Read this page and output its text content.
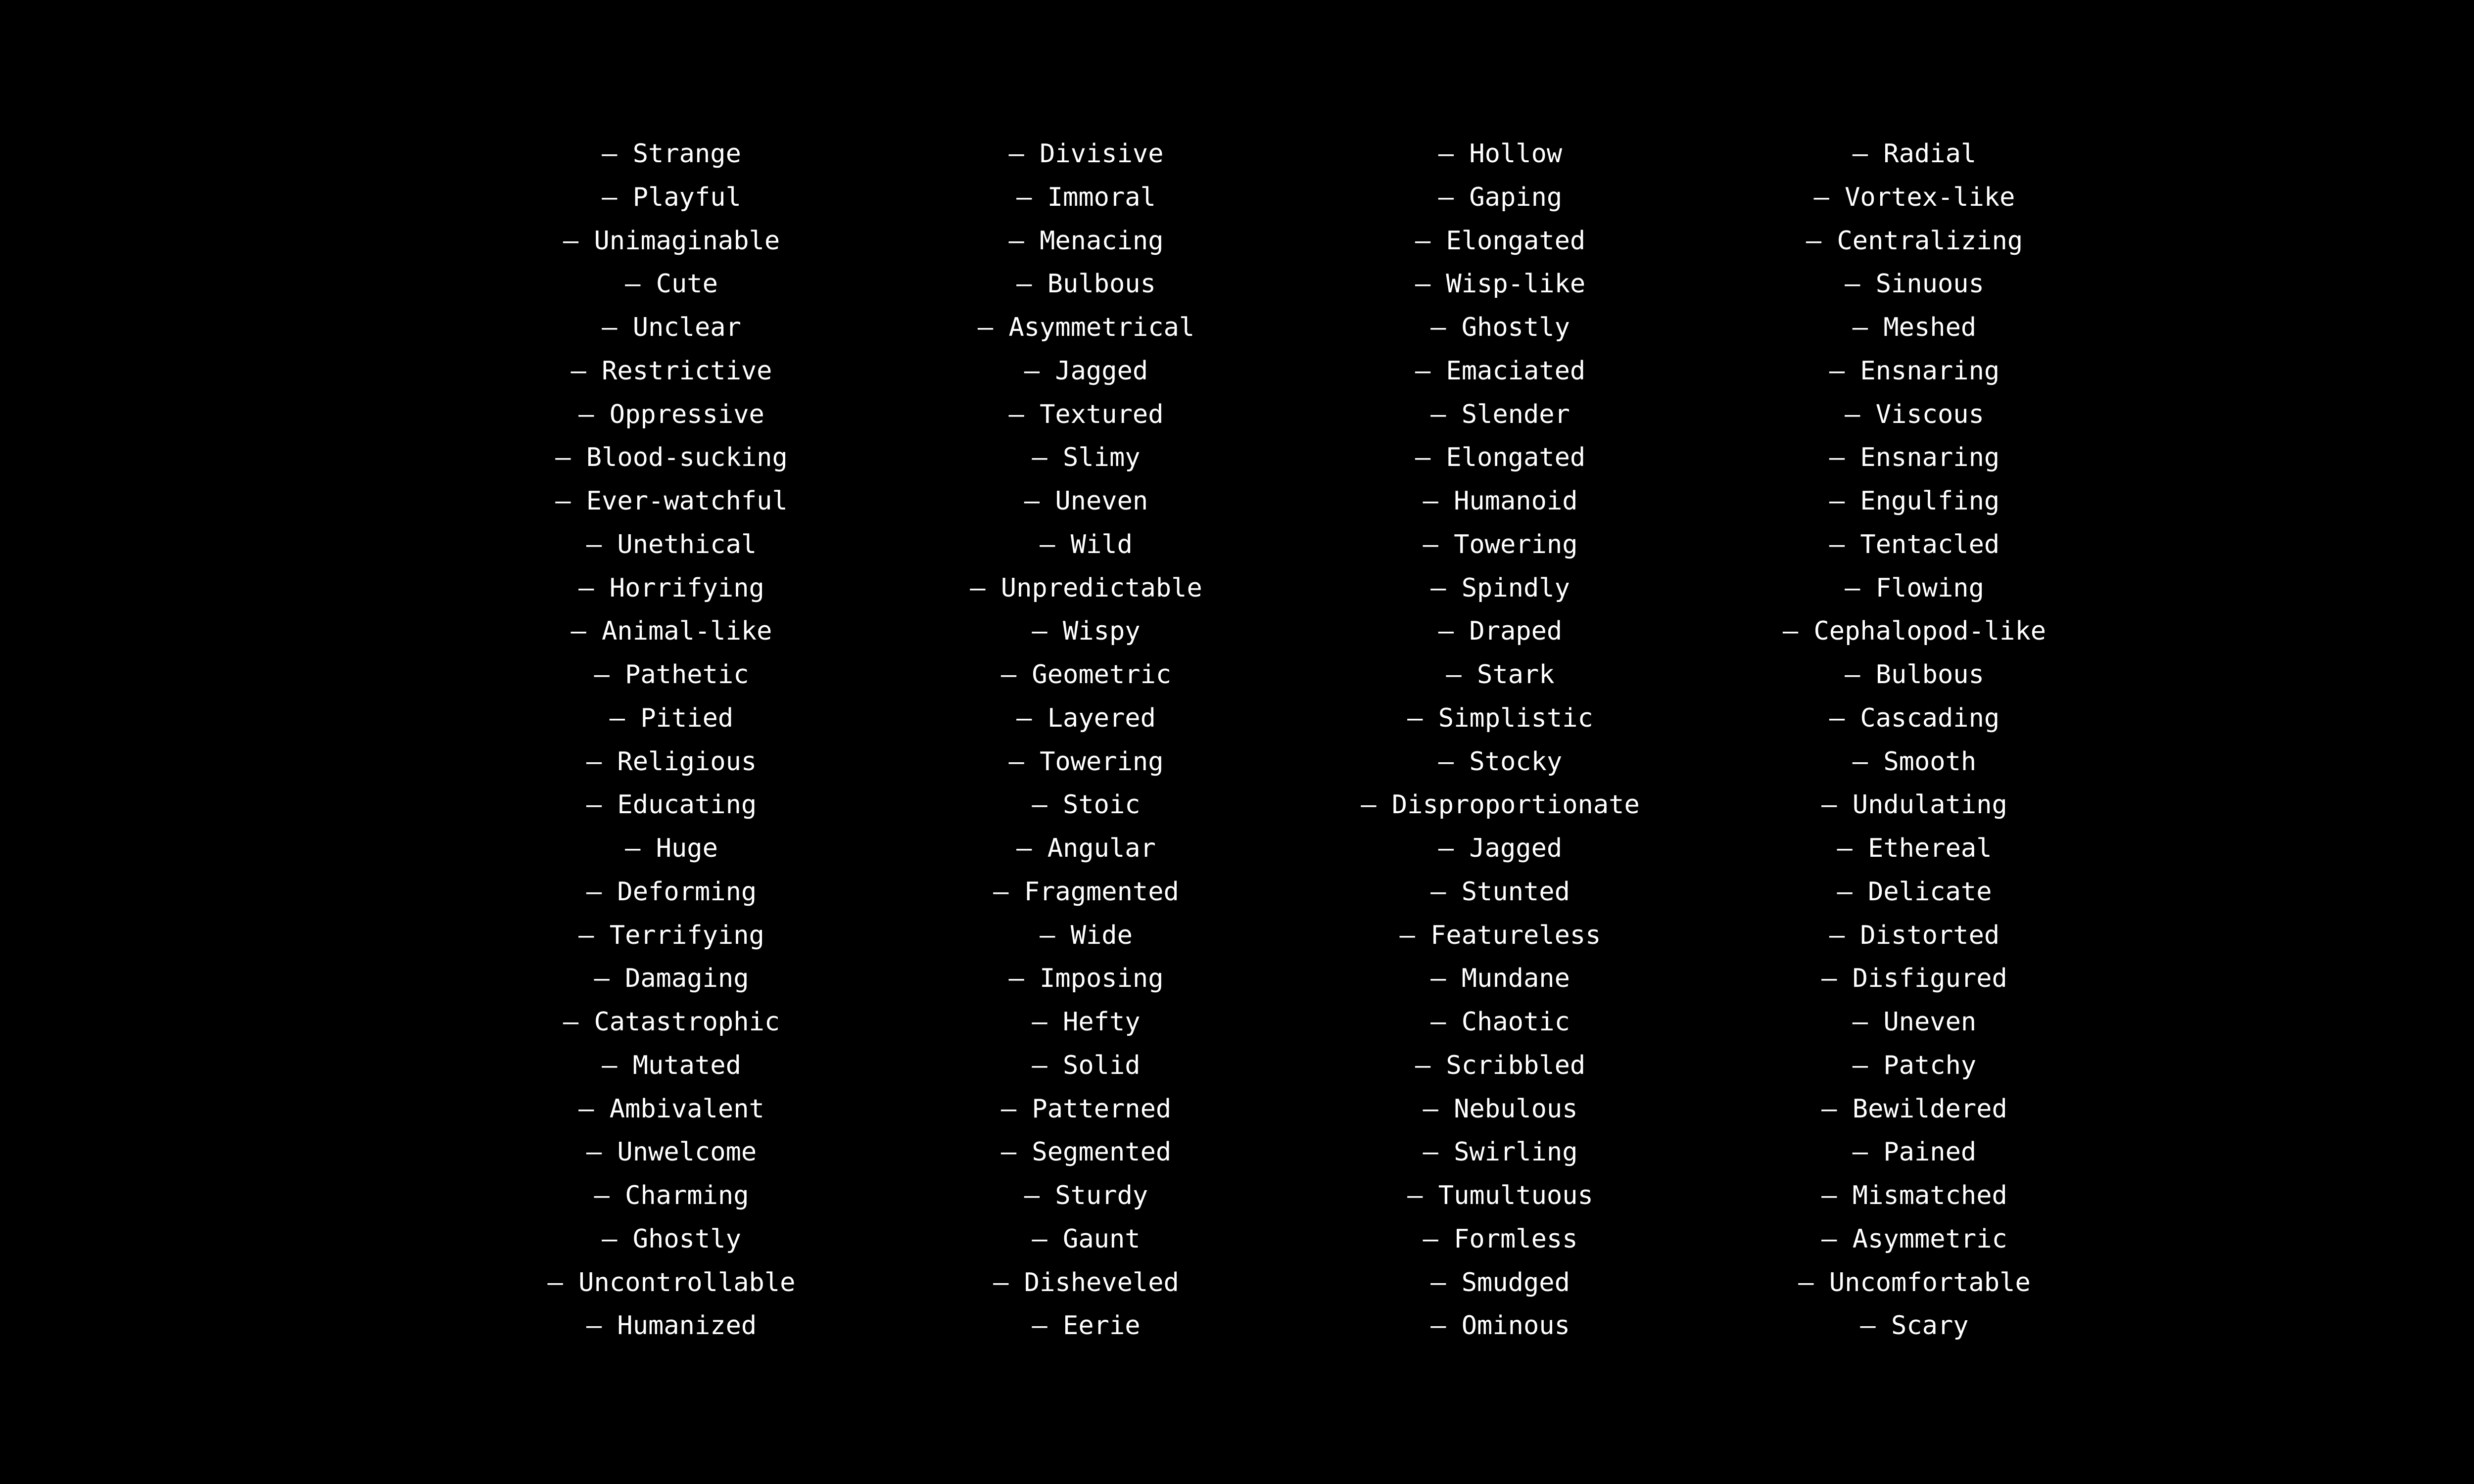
– Strange
– Playful
– Unimaginable
– Cute
– Unclear
– Restrictive
– Oppressive
– Blood-sucking
– Ever-watchful
– Unethical
– Horrifying
– Animal-like
– Pathetic
– Pitied
– Religious
– Educating
– Huge
– Deforming
– Terrifying
– Damaging
– Catastrophic
– Mutated
– Ambivalent
– Unwelcome
– Charming
– Ghostly
– Uncontrollable
– Humanized
– Divisive
– Immoral
– Menacing
– Bulbous
– Asymmetrical
– Jagged
– Textured
– Slimy
– Uneven
– Wild
– Unpredictable
– Wispy
– Geometric
– Layered
– Towering
– Stoic
– Angular
– Fragmented
– Wide
– Imposing
– Hefty
– Solid
– Patterned
– Segmented
– Sturdy
– Gaunt
– Disheveled
– Eerie
– Hollow
– Gaping
– Elongated
– Wisp-like
– Ghostly
– Emaciated
– Slender
– Elongated
– Humanoid
– Towering
– Spindly
– Draped
– Stark
– Simplistic
– Stocky
– Disproportionate
– Jagged
– Stunted
– Featureless
– Mundane
– Chaotic
– Scribbled
– Nebulous
– Swirling
– Tumultuous
– Formless
– Smudged
– Ominous
– Radial
– Vortex-like
– Centralizing
– Sinuous
– Meshed
– Ensnaring
– Viscous
– Ensnaring
– Engulfing
– Tentacled
– Flowing
– Cephalopod-like
– Bulbous
– Cascading
– Smooth
– Undulating
– Ethereal
– Delicate
– Distorted
– Disfigured
– Uneven
– Patchy
– Bewildered
– Pained
– Mismatched
– Asymmetric
– Uncomfortable
– Scary
